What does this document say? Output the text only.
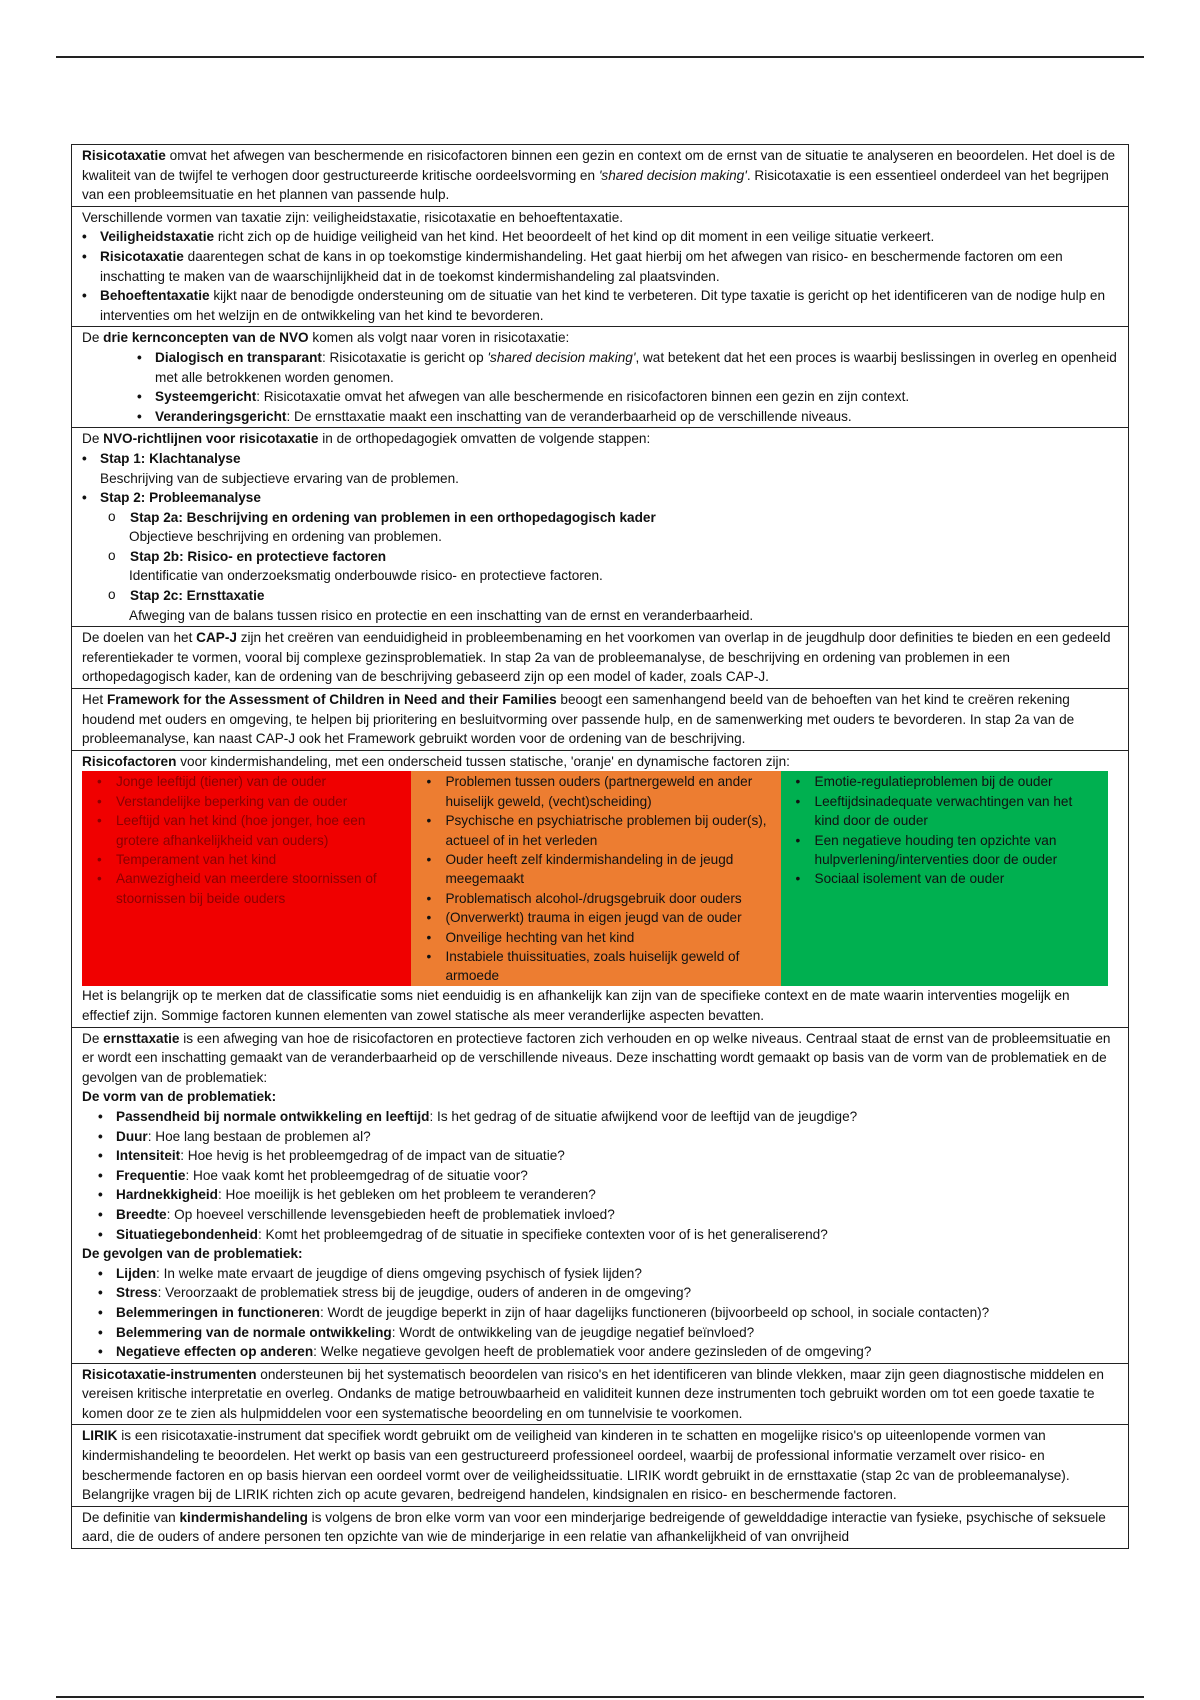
Risicotaxatie omvat het afwegen van beschermende en risicofactoren binnen een gezin en context om de ernst van de situatie te analyseren en beoordelen. Het doel is de kwaliteit van de twijfel te verhogen door gestructureerde kritische oordeelsvorming en 'shared decision making'. Risicotaxatie is een essentieel onderdeel van het begrijpen van een probleemsituatie en het plannen van passende hulp.
Verschillende vormen van taxatie zijn: veiligheidstaxatie, risicotaxatie en behoeftentaxatie.
• Veiligheidstaxatie richt zich op de huidige veiligheid van het kind. Het beoordeelt of het kind op dit moment in een veilige situatie verkeert.
• Risicotaxatie daarentegen schat de kans in op toekomstige kindermishandeling. Het gaat hierbij om het afwegen van risico- en beschermende factoren om een inschatting te maken van de waarschijnlijkheid dat in de toekomst kindermishandeling zal plaatsvinden.
• Behoeftentaxatie kijkt naar de benodigde ondersteuning om de situatie van het kind te verbeteren. Dit type taxatie is gericht op het identificeren van de nodige hulp en interventies om het welzijn en de ontwikkeling van het kind te bevorderen.
De drie kernconcepten van de NVO komen als volgt naar voren in risicotaxatie:
• Dialogisch en transparant: Risicotaxatie is gericht op 'shared decision making', wat betekent dat het een proces is waarbij beslissingen in overleg en openheid met alle betrokkenen worden genomen.
• Systeemgericht: Risicotaxatie omvat het afwegen van alle beschermende en risicofactoren binnen een gezin en zijn context.
• Veranderingsgericht: De ernsttaxatie maakt een inschatting van de veranderbaarheid op de verschillende niveaus.
De NVO-richtlijnen voor risicotaxatie in de orthopedagogiek omvatten de volgende stappen:
• Stap 1: Klachtanalyse
Beschrijving van de subjectieve ervaring van de problemen.
• Stap 2: Probleemanalyse
o Stap 2a: Beschrijving en ordening van problemen in een orthopedagogisch kader
Objectieve beschrijving en ordening van problemen.
o Stap 2b: Risico- en protectieve factoren
Identificatie van onderzoeksmatig onderbouwde risico- en protectieve factoren.
o Stap 2c: Ernsttaxatie
Afweging van de balans tussen risico en protectie en een inschatting van de ernst en veranderbaarheid.
De doelen van het CAP-J zijn het creëren van eenduidigheid in probleembenaming en het voorkomen van overlap in de jeugdhulp door definities te bieden en een gedeeld referentiekader te vormen, vooral bij complexe gezinsproblematiek. In stap 2a van de probleemanalyse, de beschrijving en ordening van problemen in een orthopedagogisch kader, kan de ordening van de beschrijving gebaseerd zijn op een model of kader, zoals CAP-J.
Het Framework for the Assessment of Children in Need and their Families beoogt een samenhangend beeld van de behoeften van het kind te creëren rekening houdend met ouders en omgeving, te helpen bij prioritering en besluitvorming over passende hulp, en de samenwerking met ouders te bevorderen. In stap 2a van de probleemanalyse, kan naast CAP-J ook het Framework gebruikt worden voor de ordening van de beschrijving.
Risicofactoren voor kindermishandeling, met een onderscheid tussen statische, 'oranje' en dynamische factoren zijn:
• Jonge leeftijd (tiener) van de ouder
• Verstandelijke beperking van de ouder
• Leeftijd van het kind (hoe jonger, hoe een grotere afhankelijkheid van ouders)
• Temperament van het kind
• Aanwezigheid van meerdere stoornissen of stoornissen bij beide ouders
• Problemen tussen ouders (partnergeweld en ander huiselijk geweld, (vecht)scheiding)
• Psychische en psychiatrische problemen bij ouder(s), actueel of in het verleden
• Ouder heeft zelf kindermishandeling in de jeugd meegemaakt
• Problematisch alcohol-/drugsgebruik door ouders
• (Onverwerkt) trauma in eigen jeugd van de ouder
• Onveilige hechting van het kind
• Instabiele thuissituaties, zoals huiselijk geweld of armoede
• Emotie-regulatieproblemen bij de ouder
• Leeftijdsinadequate verwachtingen van het kind door de ouder
• Een negatieve houding ten opzichte van hulpverlening/interventies door de ouder
• Sociaal isolement van de ouder
Het is belangrijk op te merken dat de classificatie soms niet eenduidig is en afhankelijk kan zijn van de specifieke context en de mate waarin interventies mogelijk en effectief zijn. Sommige factoren kunnen elementen van zowel statische als meer veranderlijke aspecten bevatten.
De ernsttaxatie is een afweging van hoe de risicofactoren en protectieve factoren zich verhouden en op welke niveaus. Centraal staat de ernst van de probleemsituatie en er wordt een inschatting gemaakt van de veranderbaarheid op de verschillende niveaus. Deze inschatting wordt gemaakt op basis van de vorm van de problematiek en de gevolgen van de problematiek:
De vorm van de problematiek:
• Passendheid bij normale ontwikkeling en leeftijd: Is het gedrag of de situatie afwijkend voor de leeftijd van de jeugdige?
• Duur: Hoe lang bestaan de problemen al?
• Intensiteit: Hoe hevig is het probleemgedrag of de impact van de situatie?
• Frequentie: Hoe vaak komt het probleemgedrag of de situatie voor?
• Hardnekkigheid: Hoe moeilijk is het gebleken om het probleem te veranderen?
• Breedte: Op hoeveel verschillende levensgebieden heeft de problematiek invloed?
• Situatiegebondenheid: Komt het probleemgedrag of de situatie in specifieke contexten voor of is het generaliserend?
De gevolgen van de problematiek:
• Lijden: In welke mate ervaart de jeugdige of diens omgeving psychisch of fysiek lijden?
• Stress: Veroorzaakt de problematiek stress bij de jeugdige, ouders of anderen in de omgeving?
• Belemmeringen in functioneren: Wordt de jeugdige beperkt in zijn of haar dagelijks functioneren (bijvoorbeeld op school, in sociale contacten)?
• Belemmering van de normale ontwikkeling: Wordt de ontwikkeling van de jeugdige negatief beïnvloed?
• Negatieve effecten op anderen: Welke negatieve gevolgen heeft de problematiek voor andere gezinsleden of de omgeving?
Risicotaxatie-instrumenten ondersteunen bij het systematisch beoordelen van risico's en het identificeren van blinde vlekken, maar zijn geen diagnostische middelen en vereisen kritische interpretatie en overleg. Ondanks de matige betrouwbaarheid en validiteit kunnen deze instrumenten toch gebruikt worden om tot een goede taxatie te komen door ze te zien als hulpmiddelen voor een systematische beoordeling en om tunnelvisie te voorkomen.
LIRIK is een risicotaxatie-instrument dat specifiek wordt gebruikt om de veiligheid van kinderen in te schatten en mogelijke risico's op uiteenlopende vormen van kindermishandeling te beoordelen. Het werkt op basis van een gestructureerd professioneel oordeel, waarbij de professional informatie verzamelt over risico- en beschermende factoren en op basis hiervan een oordeel vormt over de veiligheidssituatie. LIRIK wordt gebruikt in de ernsttaxatie (stap 2c van de probleemanalyse). Belangrijke vragen bij de LIRIK richten zich op acute gevaren, bedreigend handelen, kindsignalen en risico- en beschermende factoren.
De definitie van kindermishandeling is volgens de bron elke vorm van voor een minderjarige bedreigende of gewelddadige interactie van fysieke, psychische of seksuele aard, die de ouders of andere personen ten opzichte van wie de minderjarige in een relatie van afhankelijkheid of van onvrijheid
